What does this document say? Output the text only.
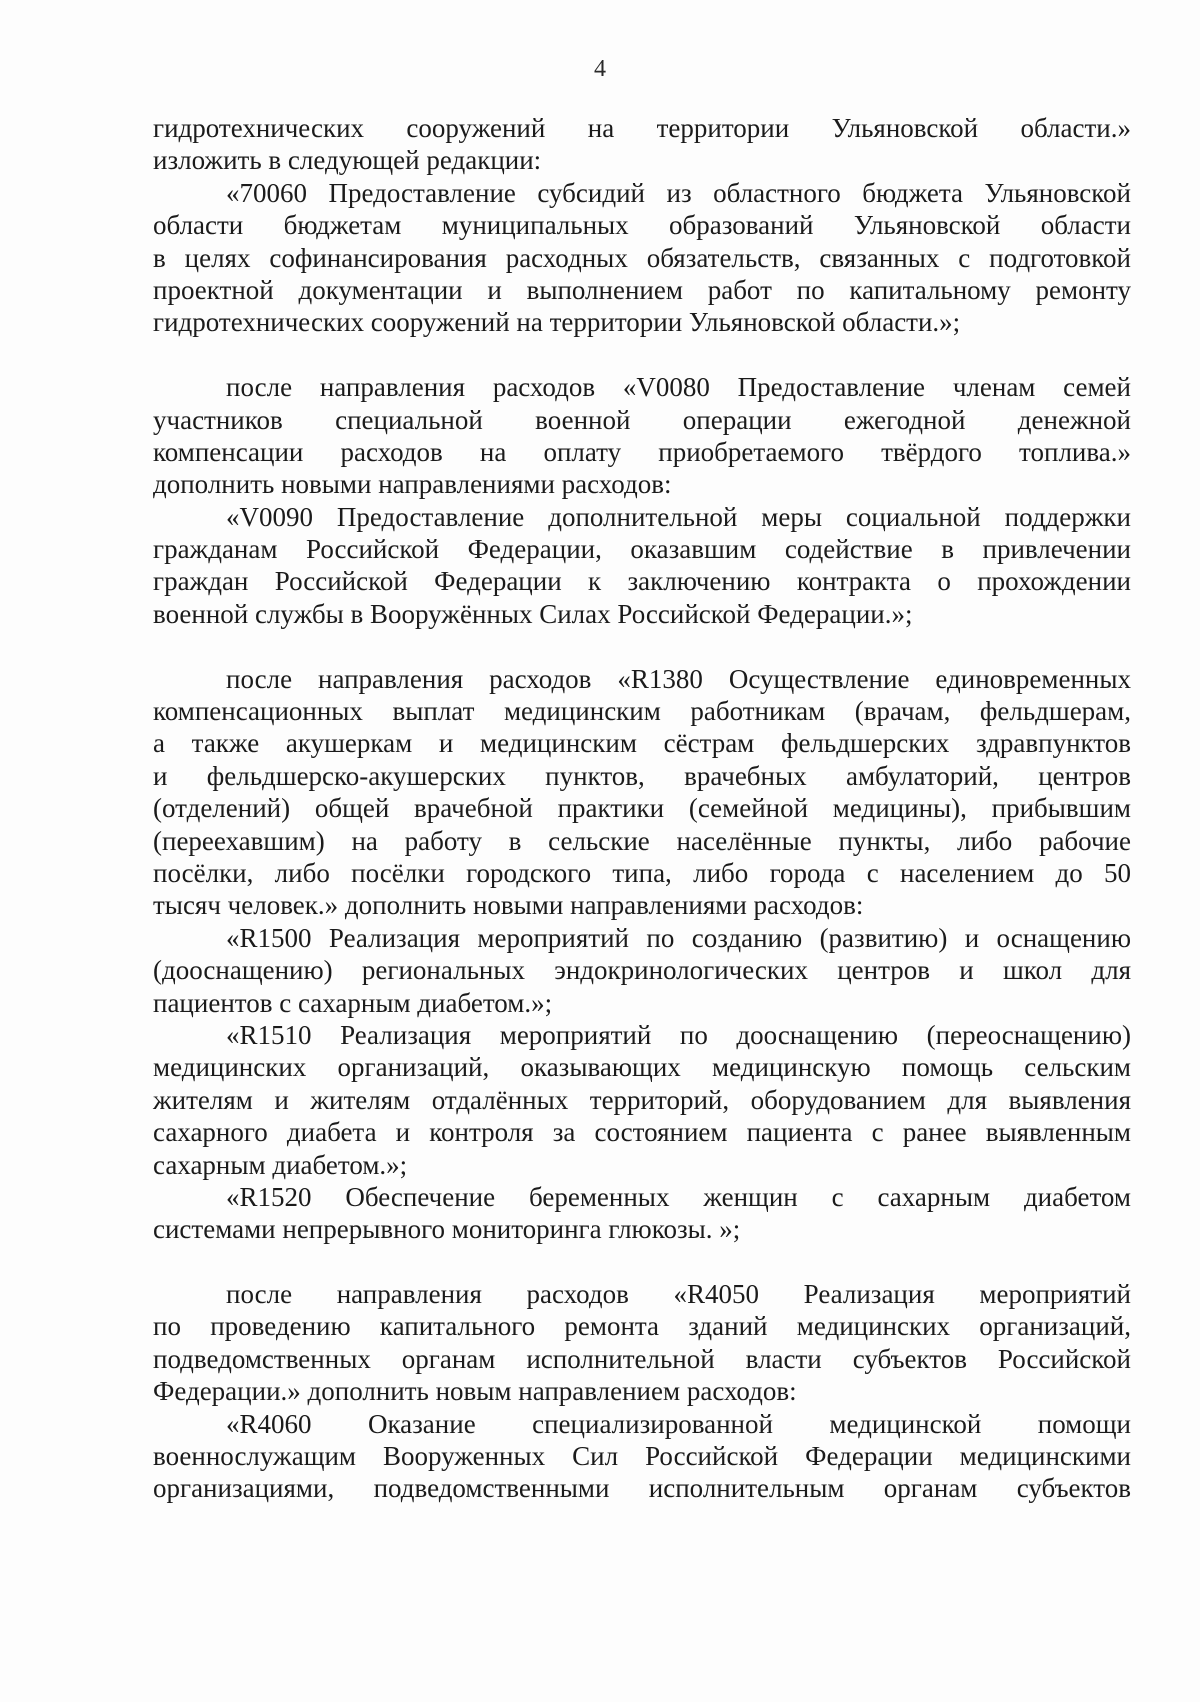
4
гидротехнических сооружений на территории Ульяновской области.»
изложить в следующей редакции:
«70060 Предоставление субсидий из областного бюджета Ульяновской
области бюджетам муниципальных образований Ульяновской области
в целях софинансирования расходных обязательств, связанных с подготовкой
проектной документации и выполнением работ по капитальному ремонту
гидротехнических сооружений на территории Ульяновской области.»;
после направления расходов «V0080 Предоставление членам семей
участников специальной военной операции ежегодной денежной
компенсации расходов на оплату приобретаемого твёрдого топлива.»
дополнить новыми направлениями расходов:
«V0090 Предоставление дополнительной меры социальной поддержки
гражданам Российской Федерации, оказавшим содействие в привлечении
граждан Российской Федерации к заключению контракта о прохождении
военной службы в Вооружённых Силах Российской Федерации.»;
после направления расходов «R1380 Осуществление единовременных
компенсационных выплат медицинским работникам (врачам, фельдшерам,
а также акушеркам и медицинским сёстрам фельдшерских здравпунктов
и фельдшерско-акушерских пунктов, врачебных амбулаторий, центров
(отделений) общей врачебной практики (семейной медицины), прибывшим
(переехавшим) на работу в сельские населённые пункты, либо рабочие
посёлки, либо посёлки городского типа, либо города с населением до 50
тысяч человек.» дополнить новыми направлениями расходов:
«R1500 Реализация мероприятий по созданию (развитию) и оснащению
(дооснащению) региональных эндокринологических центров и школ для
пациентов с сахарным диабетом.»;
«R1510 Реализация мероприятий по дооснащению (переоснащению)
медицинских организаций, оказывающих медицинскую помощь сельским
жителям и жителям отдалённых территорий, оборудованием для выявления
сахарного диабета и контроля за состоянием пациента с ранее выявленным
сахарным диабетом.»;
«R1520 Обеспечение беременных женщин с сахарным диабетом
системами непрерывного мониторинга глюкозы. »;
после направления расходов «R4050 Реализация мероприятий
по проведению капитального ремонта зданий медицинских организаций,
подведомственных органам исполнительной власти субъектов Российской
Федерации.» дополнить новым направлением расходов:
«R4060 Оказание специализированной медицинской помощи
военнослужащим Вооруженных Сил Российской Федерации медицинскими
организациями, подведомственными исполнительным органам субъектов
